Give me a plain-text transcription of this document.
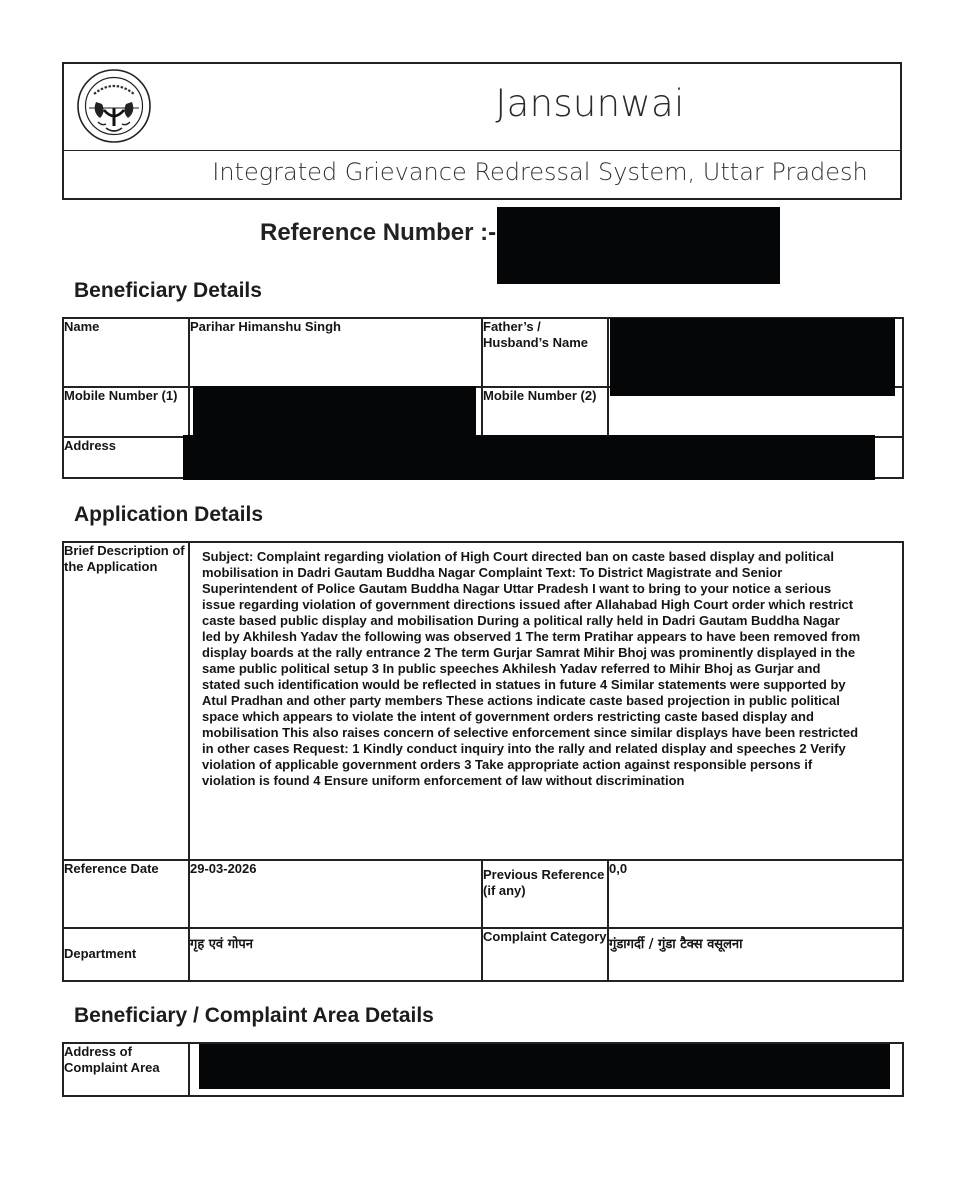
Jansunwai
Integrated Grievance Redressal System, Uttar Pradesh
Reference Number :-
Beneficiary Details
Name	Parihar Himanshu Singh	Father’s / Husband’s Name	
Mobile Number (1)		Mobile Number (2)	
Address			
Application Details
Brief Description of the Application	Subject: Complaint regarding violation of High Court directed ban on caste based display and political mobilisation in Dadri Gautam Buddha Nagar Complaint Text: To District Magistrate and Senior Superintendent of Police Gautam Buddha Nagar Uttar Pradesh I want to bring to your notice a serious issue regarding violation of government directions issued after Allahabad High Court order which restrict caste based public display and mobilisation During a political rally held in Dadri Gautam Buddha Nagar led by Akhilesh Yadav the following was observed 1 The term Pratihar appears to have been removed from display boards at the rally entrance 2 The term Gurjar Samrat Mihir Bhoj was prominently displayed in the same public political setup 3 In public speeches Akhilesh Yadav referred to Mihir Bhoj as Gurjar and stated such identification would be reflected in statues in future 4 Similar statements were supported by Atul Pradhan and other party members These actions indicate caste based projection in public political space which appears to violate the intent of government orders restricting caste based display and mobilisation This also raises concern of selective enforcement since similar displays have been restricted in other cases Request: 1 Kindly conduct inquiry into the rally and related display and speeches 2 Verify violation of applicable government orders 3 Take appropriate action against responsible persons if violation is found 4 Ensure uniform enforcement of law without discrimination		
Reference Date	29-03-2026	Previous Reference (if any)	0,0
Department	गृह एवं गोपन	Complaint Category	गुंडागर्दी / गुंडा टैक्स वसूलना
Beneficiary / Complaint Area Details
Address of Complaint Area	
